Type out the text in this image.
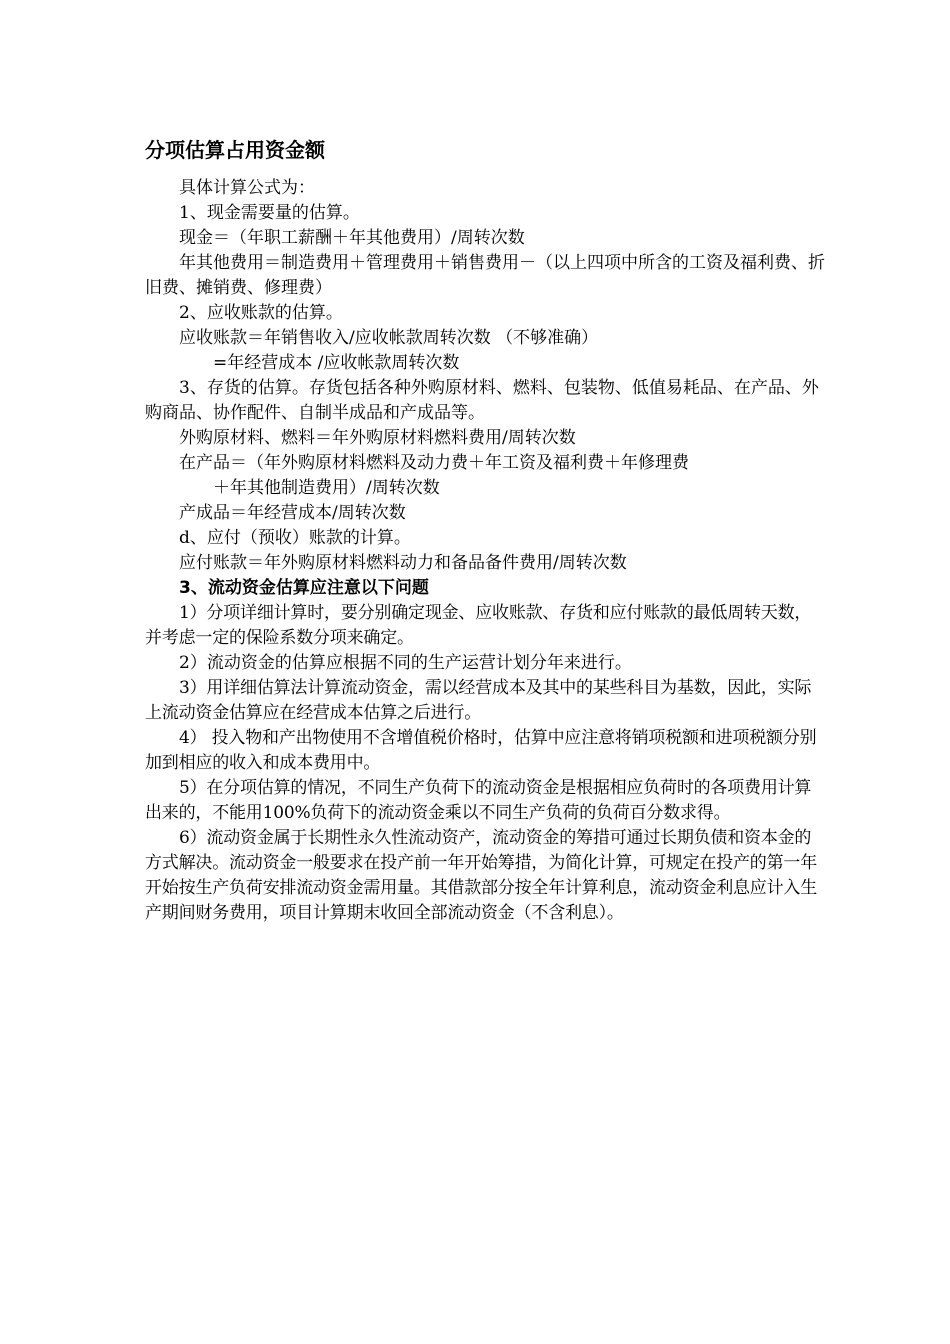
分项估算占用资金额

具体计算公式为：

1、现金需要量的估算。

现金＝（年职工薪酬＋年其他费用）/周转次数

年其他费用＝制造费用＋管理费用＋销售费用－（以上四项中所含的工资及福利费、折旧费、摊销费、修理费）

2、应收账款的估算。

应收账款＝年销售收入/应收帐款周转次数 （不够准确）

=年经营成本 /应收帐款周转次数

3、存货的估算。存货包括各种外购原材料、燃料、包装物、低值易耗品、在产品、外购商品、协作配件、自制半成品和产成品等。

外购原材料、燃料＝年外购原材料燃料费用/周转次数

在产品＝（年外购原材料燃料及动力费＋年工资及福利费＋年修理费

＋年其他制造费用）/周转次数

产成品＝年经营成本/周转次数

d、应付（预收）账款的计算。

应付账款＝年外购原材料燃料动力和备品备件费用/周转次数

3、流动资金估算应注意以下问题

1）分项详细计算时，要分别确定现金、应收账款、存货和应付账款的最低周转天数，并考虑一定的保险系数分项来确定。

2）流动资金的估算应根据不同的生产运营计划分年来进行。

3）用详细估算法计算流动资金，需以经营成本及其中的某些科目为基数，因此，实际上流动资金估算应在经营成本估算之后进行。

4） 投入物和产出物使用不含增值税价格时，估算中应注意将销项税额和进项税额分别加到相应的收入和成本费用中。

5）在分项估算的情况，不同生产负荷下的流动资金是根据相应负荷时的各项费用计算出来的，不能用100%负荷下的流动资金乘以不同生产负荷的负荷百分数求得。

6）流动资金属于长期性永久性流动资产，流动资金的筹措可通过长期负债和资本金的方式解决。流动资金一般要求在投产前一年开始筹措，为简化计算，可规定在投产的第一年开始按生产负荷安排流动资金需用量。其借款部分按全年计算利息，流动资金利息应计入生产期间财务费用，项目计算期末收回全部流动资金（不含利息）。
